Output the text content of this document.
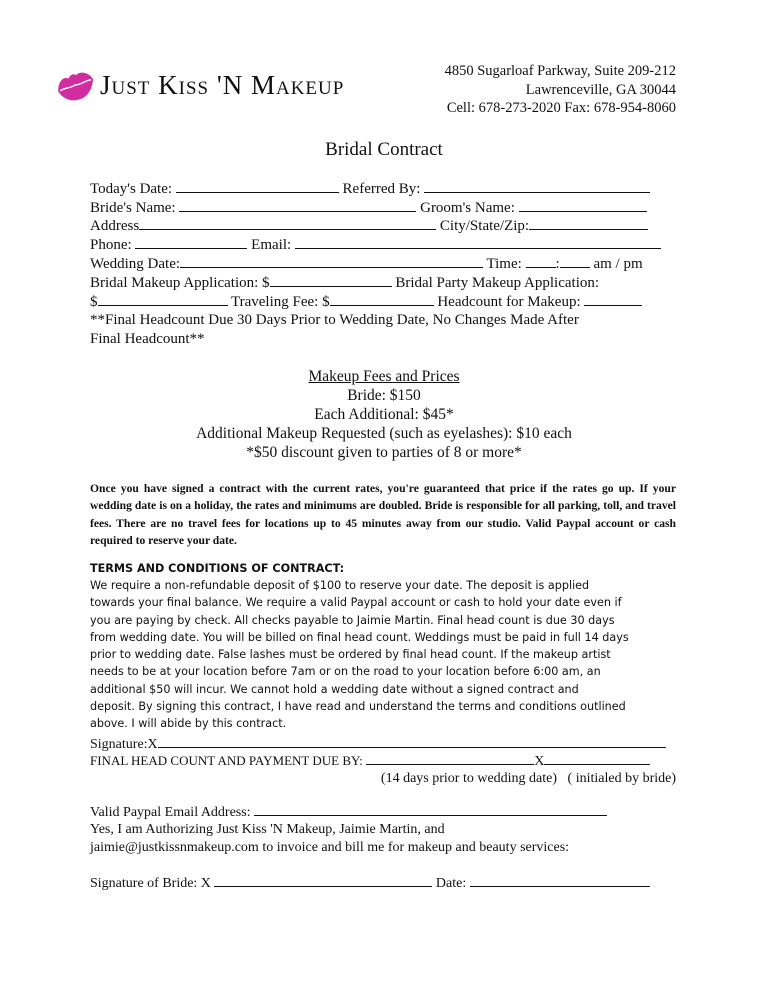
Just Kiss 'N Makeup	4850 Sugarloaf Parkway, Suite 209-212
Lawrenceville, GA 30044
Cell: 678-273-2020 Fax: 678-954-8060
Bridal Contract
Today's Date:	Referred By:
Bride's Name:	Groom's Name:
Address	City/State/Zip:
Phone:	Email:
Wedding Date:	Time: : am / pm
Bridal Makeup Application: $	Bridal Party Makeup Application:
$	Traveling Fee: $	Headcount for Makeup:
**Final Headcount Due 30 Days Prior to Wedding Date, No Changes Made After
Final Headcount**
Makeup Fees and Prices
Bride: $150
Each Additional: $45*
Additional Makeup Requested (such as eyelashes): $10 each
*$50 discount given to parties of 8 or more*
Once you have signed a contract with the current rates, you're guaranteed that price if the rates go up. If your wedding date is on a holiday, the rates and minimums are doubled. Bride is responsible for all parking, toll, and travel fees. There are no travel fees for locations up to 45 minutes away from our studio. Valid Paypal account or cash required to reserve your date.
TERMS AND CONDITIONS OF CONTRACT:
We require a non-refundable deposit of $100 to reserve your date. The deposit is applied
towards your final balance. We require a valid Paypal account or cash to hold your date even if
you are paying by check. All checks payable to Jaimie Martin. Final head count is due 30 days
from wedding date. You will be billed on final head count. Weddings must be paid in full 14 days
prior to wedding date. False lashes must be ordered by final head count. If the makeup artist
needs to be at your location before 7am or on the road to your location before 6:00 am, an
additional $50 will incur. We cannot hold a wedding date without a signed contract and
deposit. By signing this contract, I have read and understand the terms and conditions outlined
above. I will abide by this contract.
Signature:X
FINAL HEAD COUNT AND PAYMENT DUE BY:	X
(14 days prior to wedding date) ( initialed by bride)
Valid Paypal Email Address:
Yes, I am Authorizing Just Kiss 'N Makeup, Jaimie Martin, and
jaimie@justkissnmakeup.com to invoice and bill me for makeup and beauty services:
Signature of Bride: X	Date:
